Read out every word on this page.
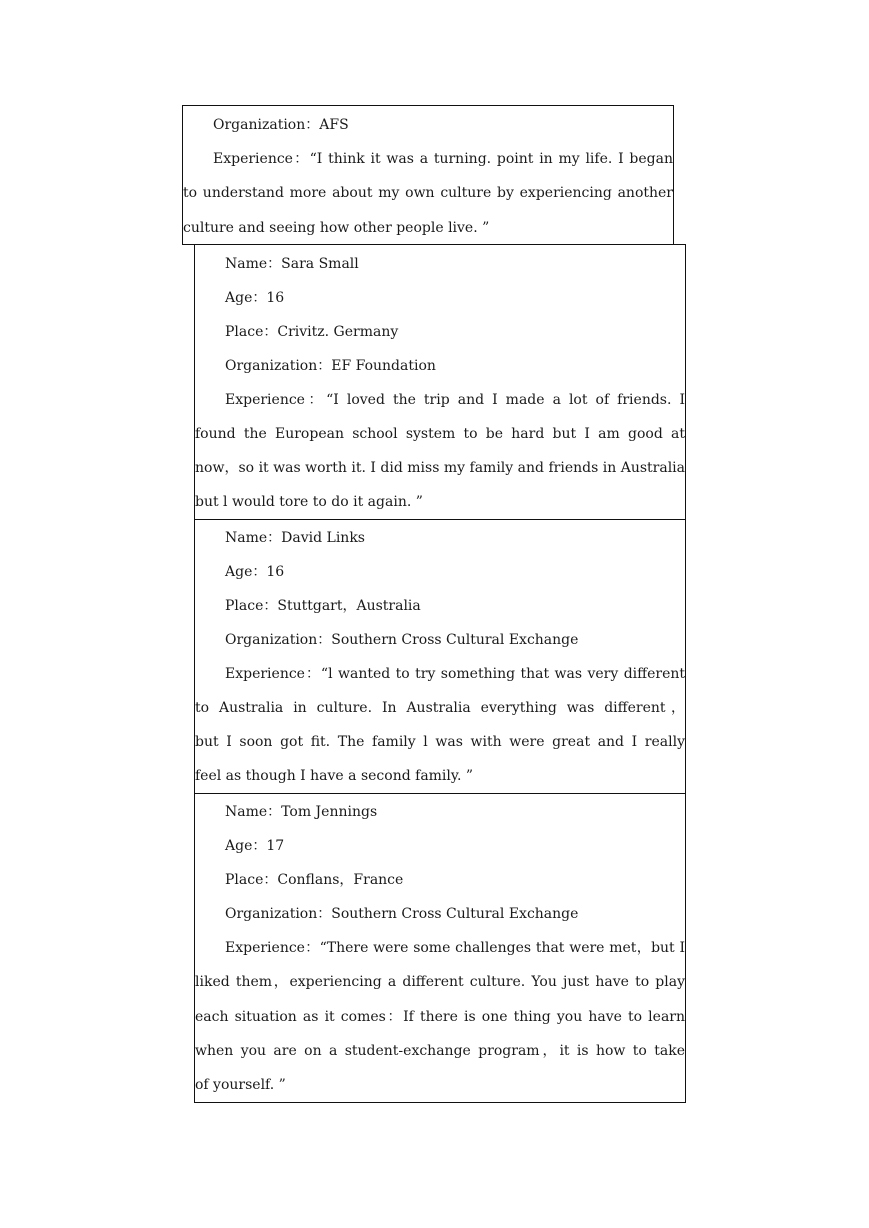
Organization：AFS
Experience：“I think it was a turning. point in my life. I began
to understand more about my own culture by experiencing another
culture and seeing how other people live. ”
Name：Sara Small
Age：16
Place：Crivitz. Germany
Organization：EF Foundation
Experience：“I loved the trip and I made a lot of friends. I
found the European school system to be hard but I am good at
now，so it was worth it. I did miss my family and friends in Australia
but l would tore to do it again. ”
Name：David Links
Age：16
Place：Stuttgart，Australia
Organization：Southern Cross Cultural Exchange
Experience：“l wanted to try something that was very different
to Australia in culture. In Australia everything was different，
but I soon got fit. The family l was with were great and I really
feel as though I have a second family. ”
Name：Tom Jennings
Age：17
Place：Conflans，France
Organization：Southern Cross Cultural Exchange
Experience：“There were some challenges that were met，but I
liked them，experiencing a different culture. You just have to play
each situation as it comes：If there is one thing you have to learn
when you are on a student-exchange program，it is how to take
of yourself. ”
